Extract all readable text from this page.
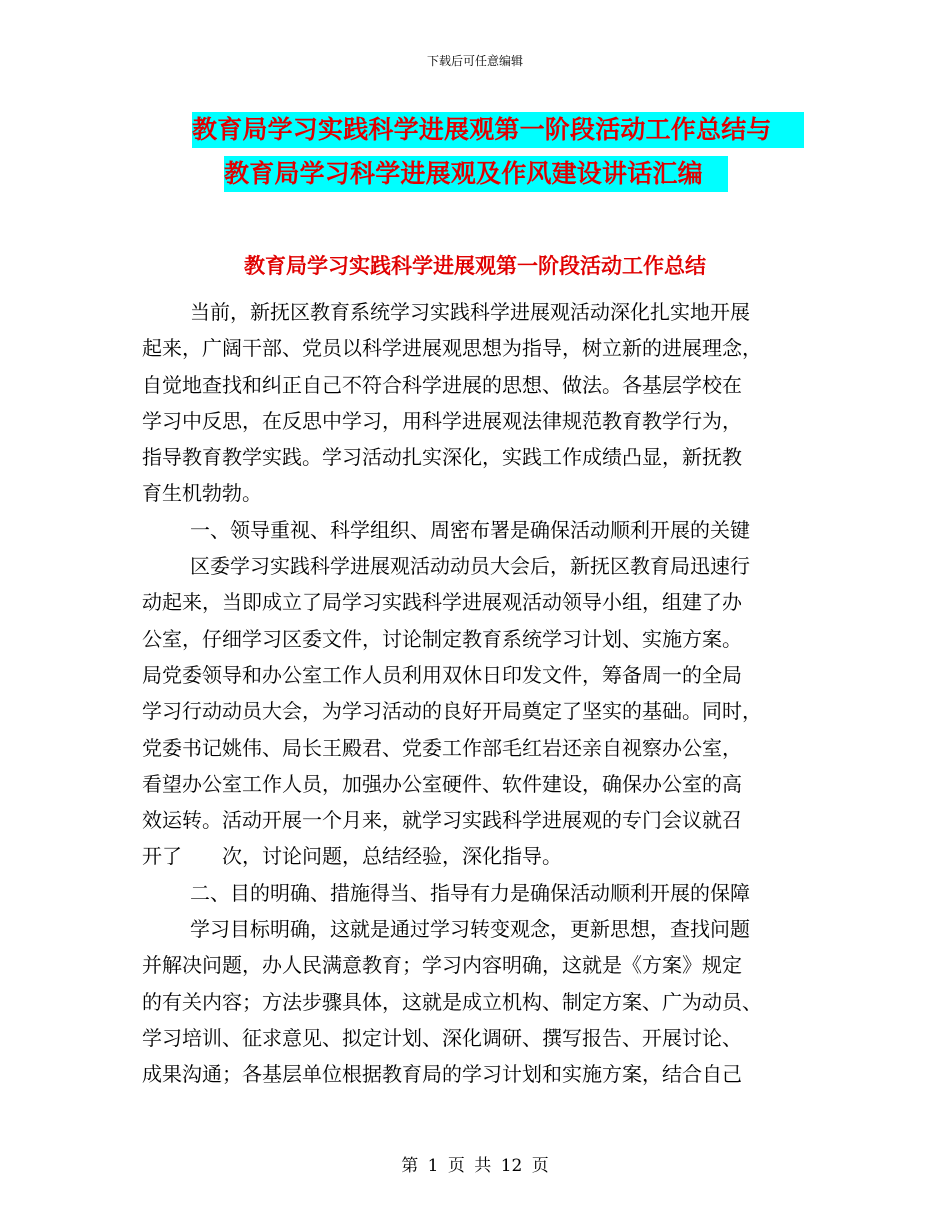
下载后可任意编辑
教育局学习实践科学进展观第一阶段活动工作总结与
教育局学习科学进展观及作风建设讲话汇编
教育局学习实践科学进展观第一阶段活动工作总结
当前，新抚区教育系统学习实践科学进展观活动深化扎实地开展
起来，广阔干部、党员以科学进展观思想为指导，树立新的进展理念，
自觉地查找和纠正自己不符合科学进展的思想、做法。各基层学校在
学习中反思，在反思中学习，用科学进展观法律规范教育教学行为，
指导教育教学实践。学习活动扎实深化，实践工作成绩凸显，新抚教
育生机勃勃。
一、领导重视、科学组织、周密布署是确保活动顺利开展的关键
区委学习实践科学进展观活动动员大会后，新抚区教育局迅速行
动起来，当即成立了局学习实践科学进展观活动领导小组，组建了办
公室，仔细学习区委文件，讨论制定教育系统学习计划、实施方案。
局党委领导和办公室工作人员利用双休日印发文件，筹备周一的全局
学习行动动员大会，为学习活动的良好开局奠定了坚实的基础。同时，
党委书记姚伟、局长王殿君、党委工作部毛红岩还亲自视察办公室，
看望办公室工作人员，加强办公室硬件、软件建设，确保办公室的高
效运转。活动开展一个月来，就学习实践科学进展观的专门会议就召
开了　　次，讨论问题，总结经验，深化指导。
二、目的明确、措施得当、指导有力是确保活动顺利开展的保障
学习目标明确，这就是通过学习转变观念，更新思想，查找问题
并解决问题，办人民满意教育；学习内容明确，这就是《方案》规定
的有关内容；方法步骤具体，这就是成立机构、制定方案、广为动员、
学习培训、征求意见、拟定计划、深化调研、撰写报告、开展讨论、
成果沟通；各基层单位根据教育局的学习计划和实施方案，结合自己
第 1 页 共 12 页
